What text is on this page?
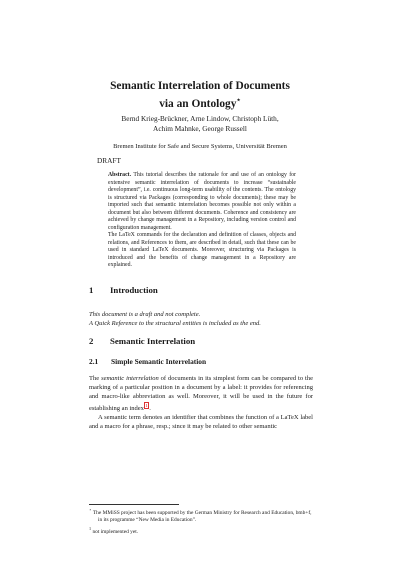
Semantic Interrelation of Documents
via an Ontology⋆
Bernd Krieg-Brückner, Arne Lindow, Christoph Lüth,
Achim Mahnke, George Russell
Bremen Institute for Safe and Secure Systems, Universität Bremen
DRAFT

Abstract. This tutorial describes the rationale for and use of an ontology for extensive semantic interrelation of documents to increase “sustainable development”, i.e. continuous long-term usability of the contents. The ontology is structured via Packages (corresponding to whole documents); these may be imported such that semantic interrelation becomes possible not only within a document but also between different documents. Coherence and consistency are achieved by change management in a Repository, including version control and configuration management.

The LaTeX commands for the declaration and definition of classes, objects and relations, and References to them, are described in detail, such that these can be used in standard LaTeX documents. Moreover, structuring via Packages is introduced and the benefits of change management in a Repository are explained.

1 Introduction

This document is a draft and not complete.

A Quick Reference to the structural entities is included as the end.

2 Semantic Interrelation
2.1 Simple Semantic Interrelation

The semantic interrelation of documents in its simplest form can be compared to the marking of a particular position in a document by a label: it provides for referencing and macro-like abbreviation as well. Moreover, it will be used in the future for establishing an index $^1$ .

A semantic term denotes an identifier that combines the function of a LaTeX label and a macro for a phrase, resp.; since it may be related to other semantic

⋆ The MMiSS project has been supported by the German Ministry for Research and Education, bmb+f, in its programme “New Media in Education”.

$^1$ not implemented yet.
